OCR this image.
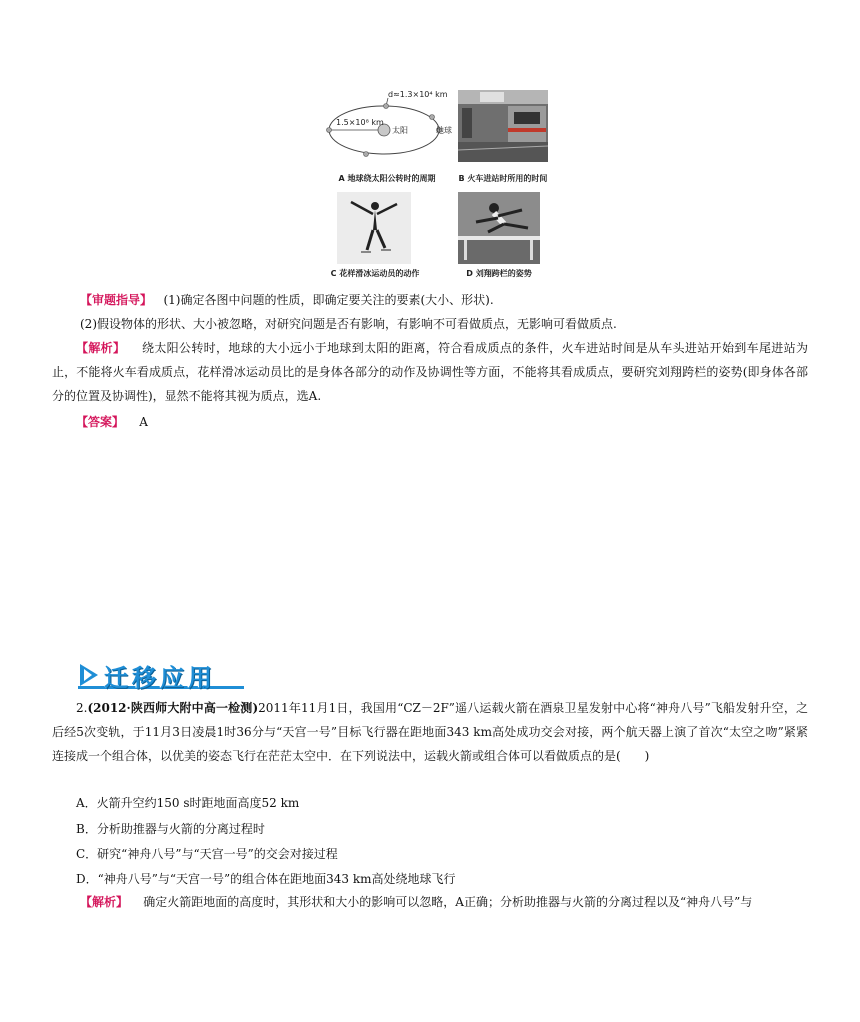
d≈1.3×10⁴ km
1.5×10⁸ km
太阳	地球
A 地球绕太阳公转时的周期	B 火车进站时所用的时间
C 花样滑冰运动员的动作	D 刘翔跨栏的姿势
【审题指导】 (1)确定各图中问题的性质，即确定要关注的要素(大小、形状).
(2)假设物体的形状、大小被忽略，对研究问题是否有影响，有影响不可看做质点，无影响可看做质点.
【解析】 绕太阳公转时，地球的大小远小于地球到太阳的距离，符合看成质点的条件，火车进站时间是从车头进站开始到车尾进站为止，不能将火车看成质点，花样滑冰运动员比的是身体各部分的动作及协调性等方面，不能将其看成质点，要研究刘翔跨栏的姿势(即身体各部分的位置及协调性)，显然不能将其视为质点，选A.
【答案】 A
迁移应用
2.(2012·陕西师大附中高一检测)2011年11月1日，我国用“CZ－2F”遥八运载火箭在酒泉卫星发射中心将“神舟八号”飞船发射升空，之后经5次变轨，于11月3日凌晨1时36分与“天宫一号”目标飞行器在距地面343 km高处成功交会对接，两个航天器上演了首次“太空之吻”紧紧连接成一个组合体，以优美的姿态飞行在茫茫太空中．在下列说法中，运载火箭或组合体可以看做质点的是(　　)
A．火箭升空约150 s时距地面高度52 km
B．分析助推器与火箭的分离过程时
C．研究“神舟八号”与“天宫一号”的交会对接过程
D．“神舟八号”与“天宫一号”的组合体在距地面343 km高处绕地球飞行
【解析】 确定火箭距地面的高度时，其形状和大小的影响可以忽略，A正确；分析助推器与火箭的分离过程以及“神舟八号”与
